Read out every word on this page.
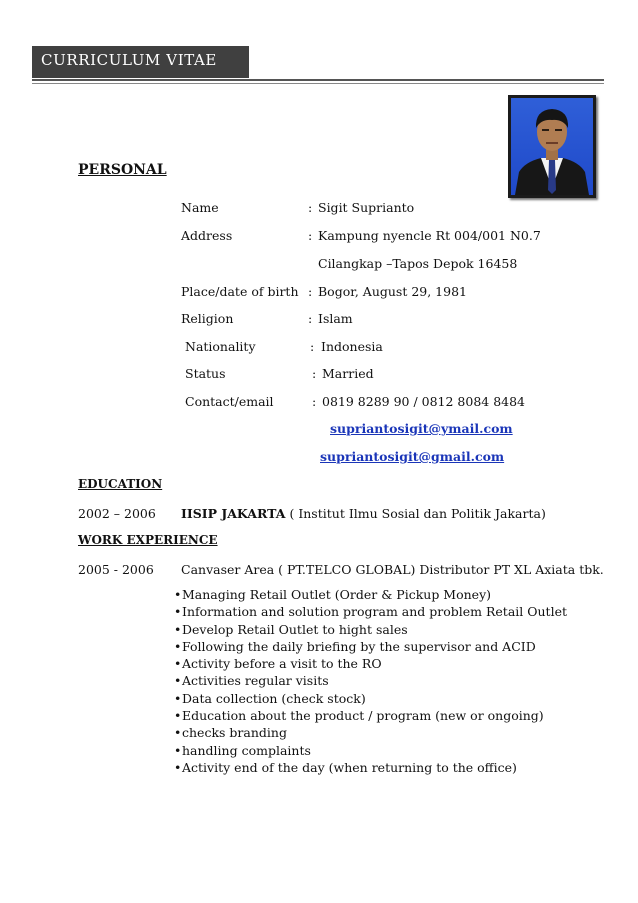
CURRICULUM VITAE
PERSONAL
Name	: Sigit Suprianto
Address	: Kampung nyencle Rt 004/001 N0.7
Cilangkap –Tapos Depok 16458
Place/date of birth : Bogor, August 29, 1981
Religion	: Islam
Nationality	: Indonesia
Status	: Married
Contact/email	: 0819 8289 90 / 0812 8084 8484
supriantosigit@ymail.com
supriantosigit@gmail.com
EDUCATION
2002 – 2006 IISIP JAKARTA ( Institut Ilmu Sosial dan Politik Jakarta)
WORK EXPERIENCE
2005 - 2006 Canvaser Area ( PT.TELCO GLOBAL) Distributor PT XL Axiata tbk.
• Managing Retail Outlet (Order & Pickup Money)
• Information and solution program and problem Retail Outlet
• Develop Retail Outlet to hight sales
• Following the daily briefing by the supervisor and ACID
• Activity before a visit to the RO
• Activities regular visits
• Data collection (check stock)
• Education about the product / program (new or ongoing)
• checks branding
• handling complaints
• Activity end of the day (when returning to the office)
